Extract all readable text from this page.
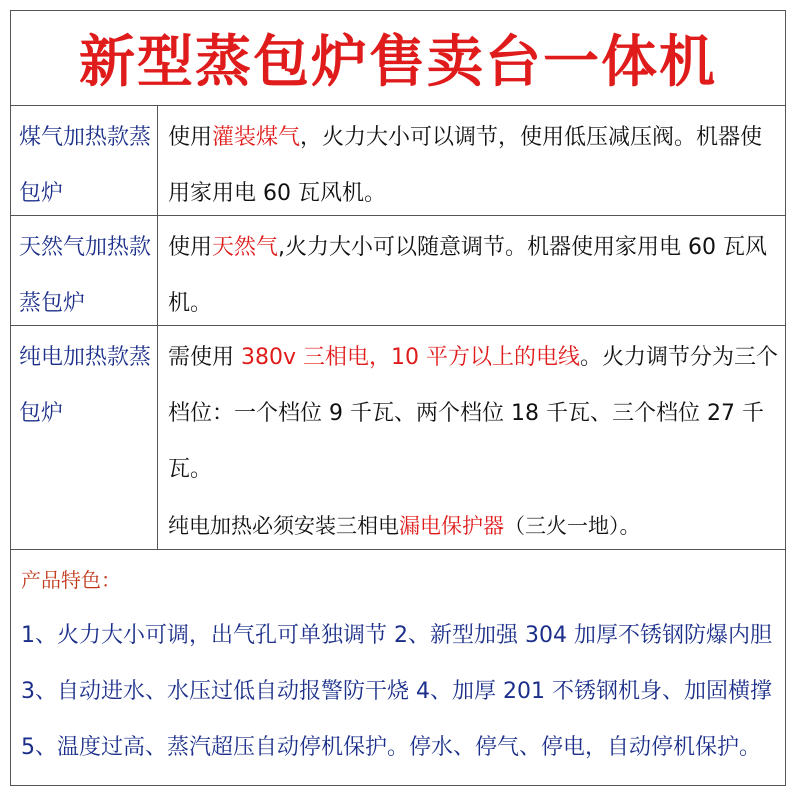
新型蒸包炉售卖台一体机
煤气加热款蒸包炉

使用灌装煤气，火力大小可以调节，使用低压减压阀。机器使用家用电 60 瓦风机。

天然气加热款蒸包炉

使用天然气,火力大小可以随意调节。机器使用家用电 60 瓦风机。

纯电加热款蒸包炉

需使用 380v 三相电，10 平方以上的电线。火力调节分为三个档位：一个档位 9 千瓦、两个档位 18 千瓦、三个档位 27 千瓦。

纯电加热必须安装三相电漏电保护器（三火一地）。

产品特色：
1、火力大小可调，出气孔可单独调节 2、新型加强 304 加厚不锈钢防爆内胆
3、自动进水、水压过低自动报警防干烧 4、加厚 201 不锈钢机身、加固横撑
5、温度过高、蒸汽超压自动停机保护。停水、停气、停电，自动停机保护。
